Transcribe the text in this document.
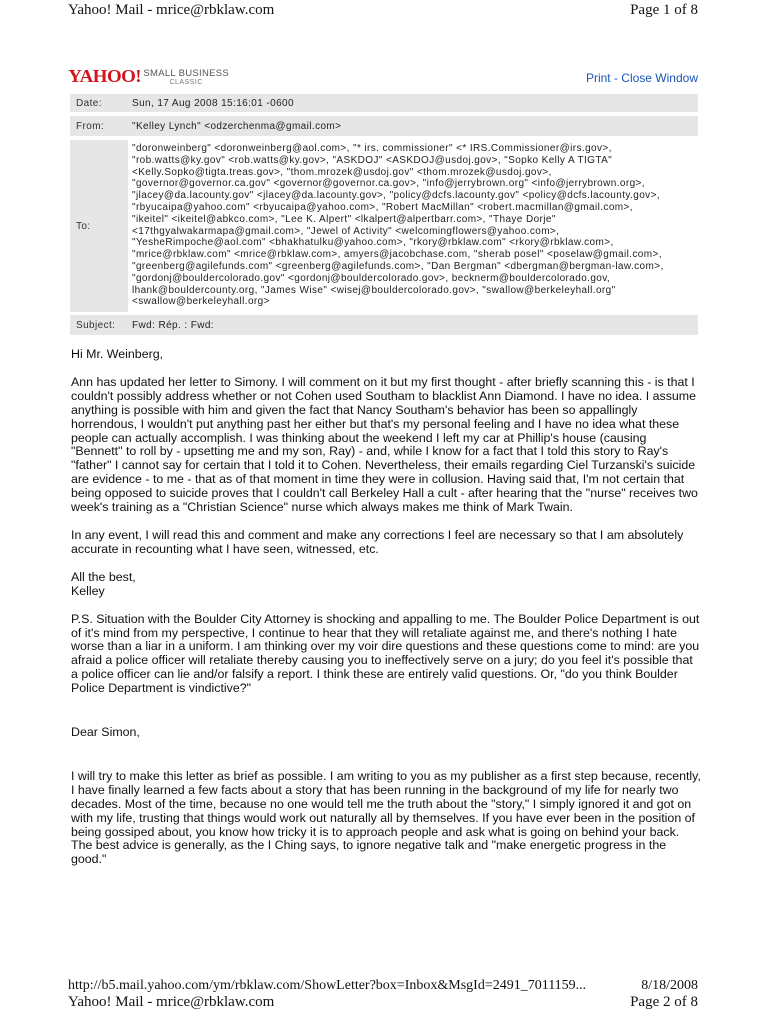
Yahoo! Mail - mrice@rbklaw.com	Page 1 of 8
YAHOO! SMALL BUSINESS
CLASSIC	Print - Close Window
Date:	Sun, 17 Aug 2008 15:16:01 -0600
From:	"Kelley Lynch" <odzerchenma@gmail.com>
To:
"doronweinberg" <doronweinberg@aol.com>, "* irs. commissioner" <* IRS.Commissioner@irs.gov>,
"rob.watts@ky.gov" <rob.watts@ky.gov>, "ASKDOJ" <ASKDOJ@usdoj.gov>, "Sopko Kelly A TIGTA"
<Kelly.Sopko@tigta.treas.gov>, "thom.mrozek@usdoj.gov" <thom.mrozek@usdoj.gov>,
"governor@governor.ca.gov" <governor@governor.ca.gov>, "info@jerrybrown.org" <info@jerrybrown.org>,
"jlacey@da.lacounty.gov" <jlacey@da.lacounty.gov>, "policy@dcfs.lacounty.gov" <policy@dcfs.lacounty.gov>,
"rbyucaipa@yahoo.com" <rbyucaipa@yahoo.com>, "Robert MacMillan" <robert.macmillan@gmail.com>,
"ikeitel" <ikeitel@abkco.com>, "Lee K. Alpert" <lkalpert@alpertbarr.com>, "Thaye Dorje"
<17thgyalwakarmapa@gmail.com>, "Jewel of Activity" <welcomingflowers@yahoo.com>,
"YesheRimpoche@aol.com" <bhakhatulku@yahoo.com>, "rkory@rbklaw.com" <rkory@rbklaw.com>,
"mrice@rbklaw.com" <mrice@rbklaw.com>, amyers@jacobchase.com, "sherab posel" <poselaw@gmail.com>,
"greenberg@agilefunds.com" <greenberg@agilefunds.com>, "Dan Bergman" <dbergman@bergman-law.com>,
"gordonj@bouldercolorado.gov" <gordonj@bouldercolorado.gov>, becknerm@bouldercolorado.gov,
lhank@bouldercounty.org, "James Wise" <wisej@bouldercolorado.gov>, "swallow@berkeleyhall.org"
<swallow@berkeleyhall.org>
Subject:	Fwd: Rép. : Fwd:

Hi Mr. Weinberg,

Ann has updated her letter to Simony. I will comment on it but my first thought - after briefly scanning this - is that I couldn't possibly address whether or not Cohen used Southam to blacklist Ann Diamond. I have no idea. I assume anything is possible with him and given the fact that Nancy Southam's behavior has been so appallingly horrendous, I wouldn't put anything past her either but that's my personal feeling and I have no idea what these people can actually accomplish. I was thinking about the weekend I left my car at Phillip's house (causing "Bennett" to roll by - upsetting me and my son, Ray) - and, while I know for a fact that I told this story to Ray's "father" I cannot say for certain that I told it to Cohen. Nevertheless, their emails regarding Ciel Turzanski's suicide are evidence - to me - that as of that moment in time they were in collusion. Having said that, I'm not certain that being opposed to suicide proves that I couldn't call Berkeley Hall a cult - after hearing that the "nurse" receives two week's training as a "Christian Science" nurse which always makes me think of Mark Twain.

In any event, I will read this and comment and make any corrections I feel are necessary so that I am absolutely accurate in recounting what I have seen, witnessed, etc.

All the best,

Kelley

P.S. Situation with the Boulder City Attorney is shocking and appalling to me. The Boulder Police Department is out of it's mind from my perspective, I continue to hear that they will retaliate against me, and there's nothing I hate worse than a liar in a uniform. I am thinking over my voir dire questions and these questions come to mind: are you afraid a police officer will retaliate thereby causing you to ineffectively serve on a jury; do you feel it's possible that a police officer can lie and/or falsify a report. I think these are entirely valid questions. Or, "do you think Boulder Police Department is vindictive?"

Dear Simon,

I will try to make this letter as brief as possible. I am writing to you as my publisher as a first step because, recently, I have finally learned a few facts about a story that has been running in the background of my life for nearly two decades. Most of the time, because no one would tell me the truth about the "story," I simply ignored it and got on with my life, trusting that things would work out naturally all by themselves. If you have ever been in the position of being gossiped about, you know how tricky it is to approach people and ask what is going on behind your back. The best advice is generally, as the I Ching says, to ignore negative talk and "make energetic progress in the good."

http://b5.mail.yahoo.com/ym/rbklaw.com/ShowLetter?box=Inbox&MsgId=2491_7011159...	8/18/2008
Yahoo! Mail - mrice@rbklaw.com	Page 2 of 8
